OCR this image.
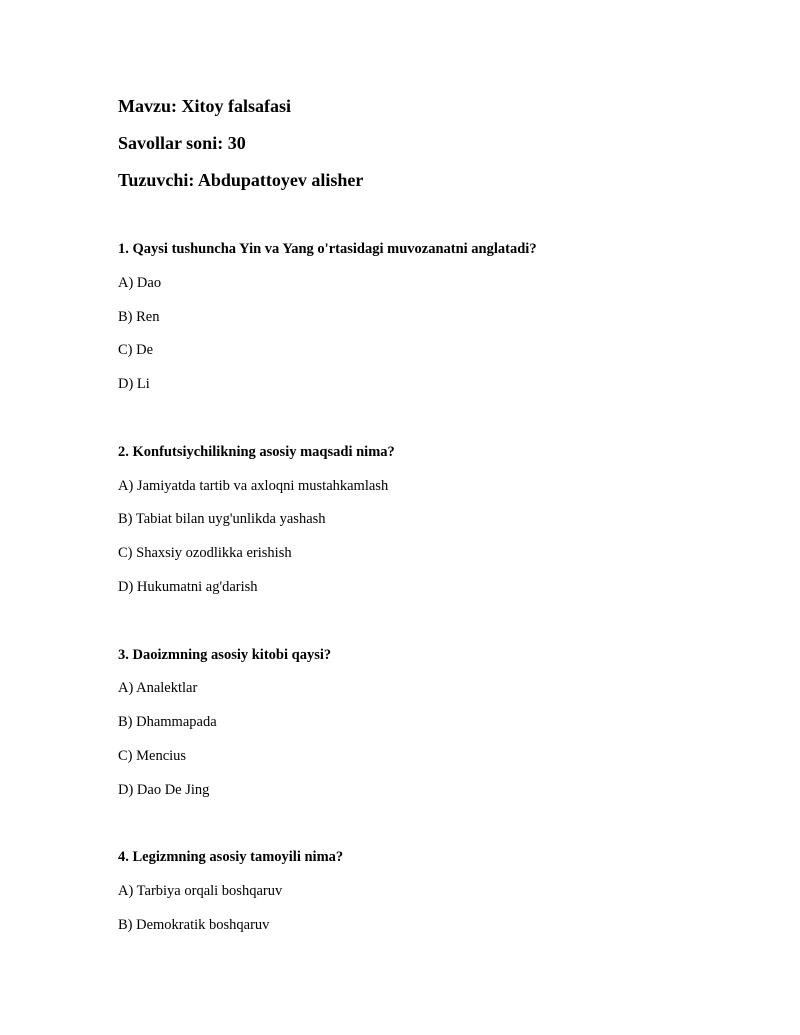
Mavzu: Xitoy falsafasi
Savollar soni: 30
Tuzuvchi: Abdupattoyev alisher
1. Qaysi tushuncha Yin va Yang o'rtasidagi muvozanatni anglatadi?
A) Dao
B) Ren
C) De
D) Li
2. Konfutsiychilikning asosiy maqsadi nima?
A) Jamiyatda tartib va axloqni mustahkamlash
B) Tabiat bilan uyg'unlikda yashash
C) Shaxsiy ozodlikka erishish
D) Hukumatni ag'darish
3. Daoizmning asosiy kitobi qaysi?
A) Analektlar
B) Dhammapada
C) Mencius
D) Dao De Jing
4. Legizmning asosiy tamoyili nima?
A) Tarbiya orqali boshqaruv
B) Demokratik boshqaruv
